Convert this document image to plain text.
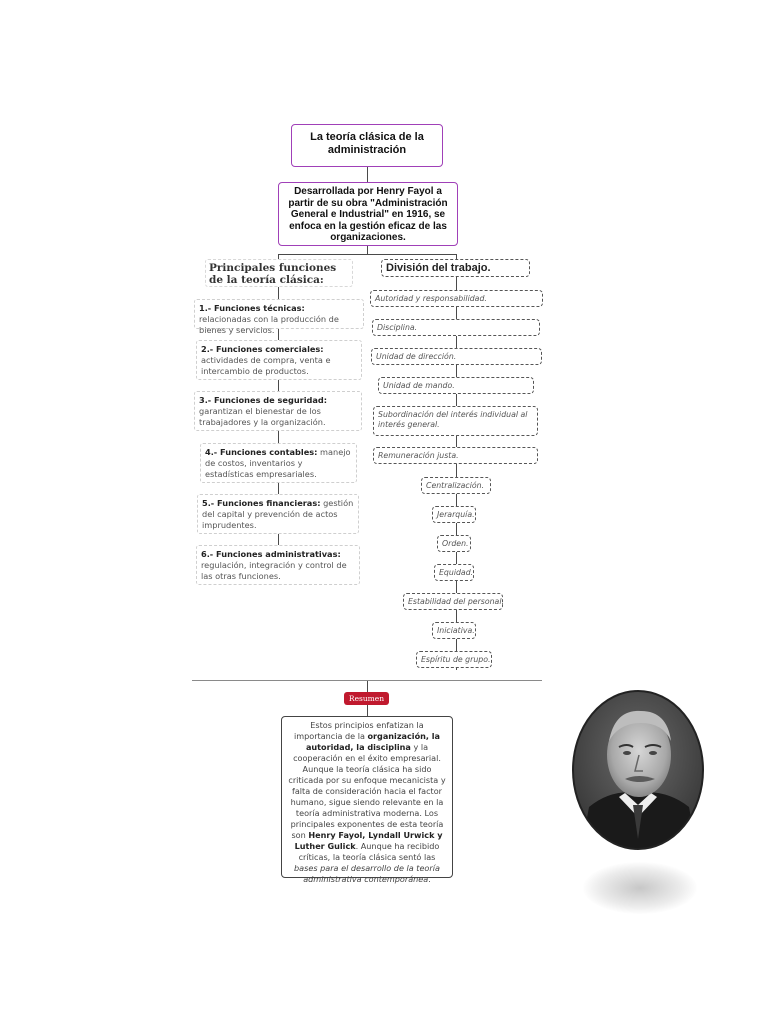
La teoría clásica de la administración
Desarrollada por Henry Fayol a partir de su obra "Administración General e Industrial" en 1916, se enfoca en la gestión eficaz de las organizaciones.
Principales funciones de la teoría clásica:
1.- Funciones técnicas: relacionadas con la producción de bienes y servicios.
2.- Funciones comerciales: actividades de compra, venta e intercambio de productos.
3.- Funciones de seguridad: garantizan el bienestar de los trabajadores y la organización.
4.- Funciones contables: manejo de costos, inventarios y estadísticas empresariales.
5.- Funciones financieras: gestión del capital y prevención de actos imprudentes.
6.- Funciones administrativas: regulación, integración y control de las otras funciones.
División del trabajo.
Autoridad y responsabilidad.
Disciplina.
Unidad de dirección.
Unidad de mando.
Subordinación del interés individual al interés general.
Remuneración justa.
Centralización.
Jerarquía.
Orden.
Equidad.
Estabilidad del personal.
Iniciativa.
Espíritu de grupo.
Resumen
Estos principios enfatizan la importancia de la organización, la autoridad, la disciplina y la cooperación en el éxito empresarial. Aunque la teoría clásica ha sido criticada por su enfoque mecanicista y falta de consideración hacia el factor humano, sigue siendo relevante en la teoría administrativa moderna. Los principales exponentes de esta teoría son Henry Fayol, Lyndall Urwick y Luther Gulick. Aunque ha recibido críticas, la teoría clásica sentó las bases para el desarrollo de la teoría administrativa contemporánea.
